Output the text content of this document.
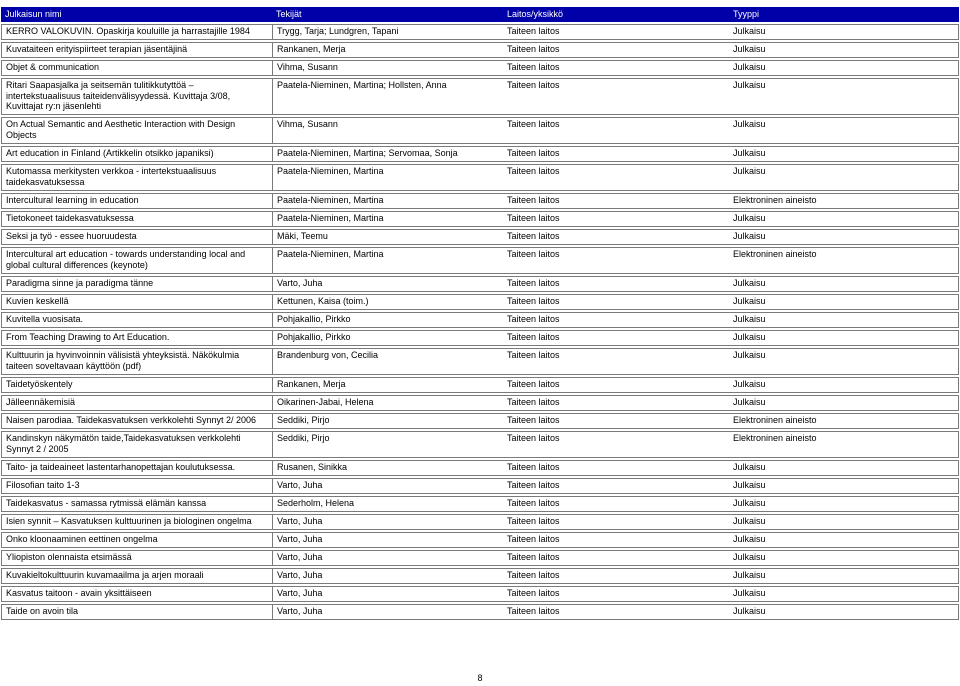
Julkaisun nimi	Tekijät	Laitos/yksikkö	Tyyppi
KERRO VALOKUVIN. Opaskirja kouluille ja harrastajille 1984	Trygg, Tarja; Lundgren, Tapani	Taiteen laitos	Julkaisu
Kuvataiteen erityispiirteet terapian jäsentäjinä	Rankanen, Merja	Taiteen laitos	Julkaisu
Objet & communication	Vihma, Susann	Taiteen laitos	Julkaisu
Ritari Saapasjalka ja seitsemän tulitikkutyttöä – intertekstuaalisuus taiteidenvälisyydessä. Kuvittaja 3/08, Kuvittajat ry:n jäsenlehti	Paatela-Nieminen, Martina; Hollsten, Anna	Taiteen laitos	Julkaisu
On Actual Semantic and Aesthetic Interaction with Design Objects	Vihma, Susann	Taiteen laitos	Julkaisu
Art education in Finland (Artikkelin otsikko japaniksi)	Paatela-Nieminen, Martina; Servomaa, Sonja	Taiteen laitos	Julkaisu
Kutomassa merkitysten verkkoa - intertekstuaalisuus taidekasvatuksessa	Paatela-Nieminen, Martina	Taiteen laitos	Julkaisu
Intercultural learning in education	Paatela-Nieminen, Martina	Taiteen laitos	Elektroninen aineisto
Tietokoneet taidekasvatuksessa	Paatela-Nieminen, Martina	Taiteen laitos	Julkaisu
Seksi ja työ - essee huoruudesta	Mäki, Teemu	Taiteen laitos	Julkaisu
Intercultural art education - towards understanding local and global cultural differences (keynote)	Paatela-Nieminen, Martina	Taiteen laitos	Elektroninen aineisto
Paradigma sinne ja paradigma tänne	Varto, Juha	Taiteen laitos	Julkaisu
Kuvien keskellä	Kettunen, Kaisa (toim.)	Taiteen laitos	Julkaisu
Kuvitella vuosisata.	Pohjakallio, Pirkko	Taiteen laitos	Julkaisu
From Teaching Drawing to Art Education.	Pohjakallio, Pirkko	Taiteen laitos	Julkaisu
Kulttuurin ja hyvinvoinnin välisistä yhteyksistä. Näkökulmia taiteen soveltavaan käyttöön (pdf)	Brandenburg von, Cecilia	Taiteen laitos	Julkaisu
Taidetyöskentely	Rankanen, Merja	Taiteen laitos	Julkaisu
Jälleennäkemisiä	Oikarinen-Jabai, Helena	Taiteen laitos	Julkaisu
Naisen parodiaa. Taidekasvatuksen verkkolehti Synnyt 2/ 2006	Seddiki, Pirjo	Taiteen laitos	Elektroninen aineisto
Kandinskyn näkymätön taide,Taidekasvatuksen verkkolehti Synnyt 2 / 2005	Seddiki, Pirjo	Taiteen laitos	Elektroninen aineisto
Taito- ja taideaineet lastentarhanopettajan koulutuksessa.	Rusanen, Sinikka	Taiteen laitos	Julkaisu
Filosofian taito 1-3	Varto, Juha	Taiteen laitos	Julkaisu
Taidekasvatus - samassa rytmissä elämän kanssa	Sederholm, Helena	Taiteen laitos	Julkaisu
Isien synnit – Kasvatuksen kulttuurinen ja biologinen ongelma	Varto, Juha	Taiteen laitos	Julkaisu
Onko kloonaaminen eettinen ongelma	Varto, Juha	Taiteen laitos	Julkaisu
Yliopiston olennaista etsimässä	Varto, Juha	Taiteen laitos	Julkaisu
Kuvakieltokulttuurin kuvamaailma ja arjen moraali	Varto, Juha	Taiteen laitos	Julkaisu
Kasvatus taitoon - avain yksittäiseen	Varto, Juha	Taiteen laitos	Julkaisu
Taide on avoin tila	Varto, Juha	Taiteen laitos	Julkaisu
8
